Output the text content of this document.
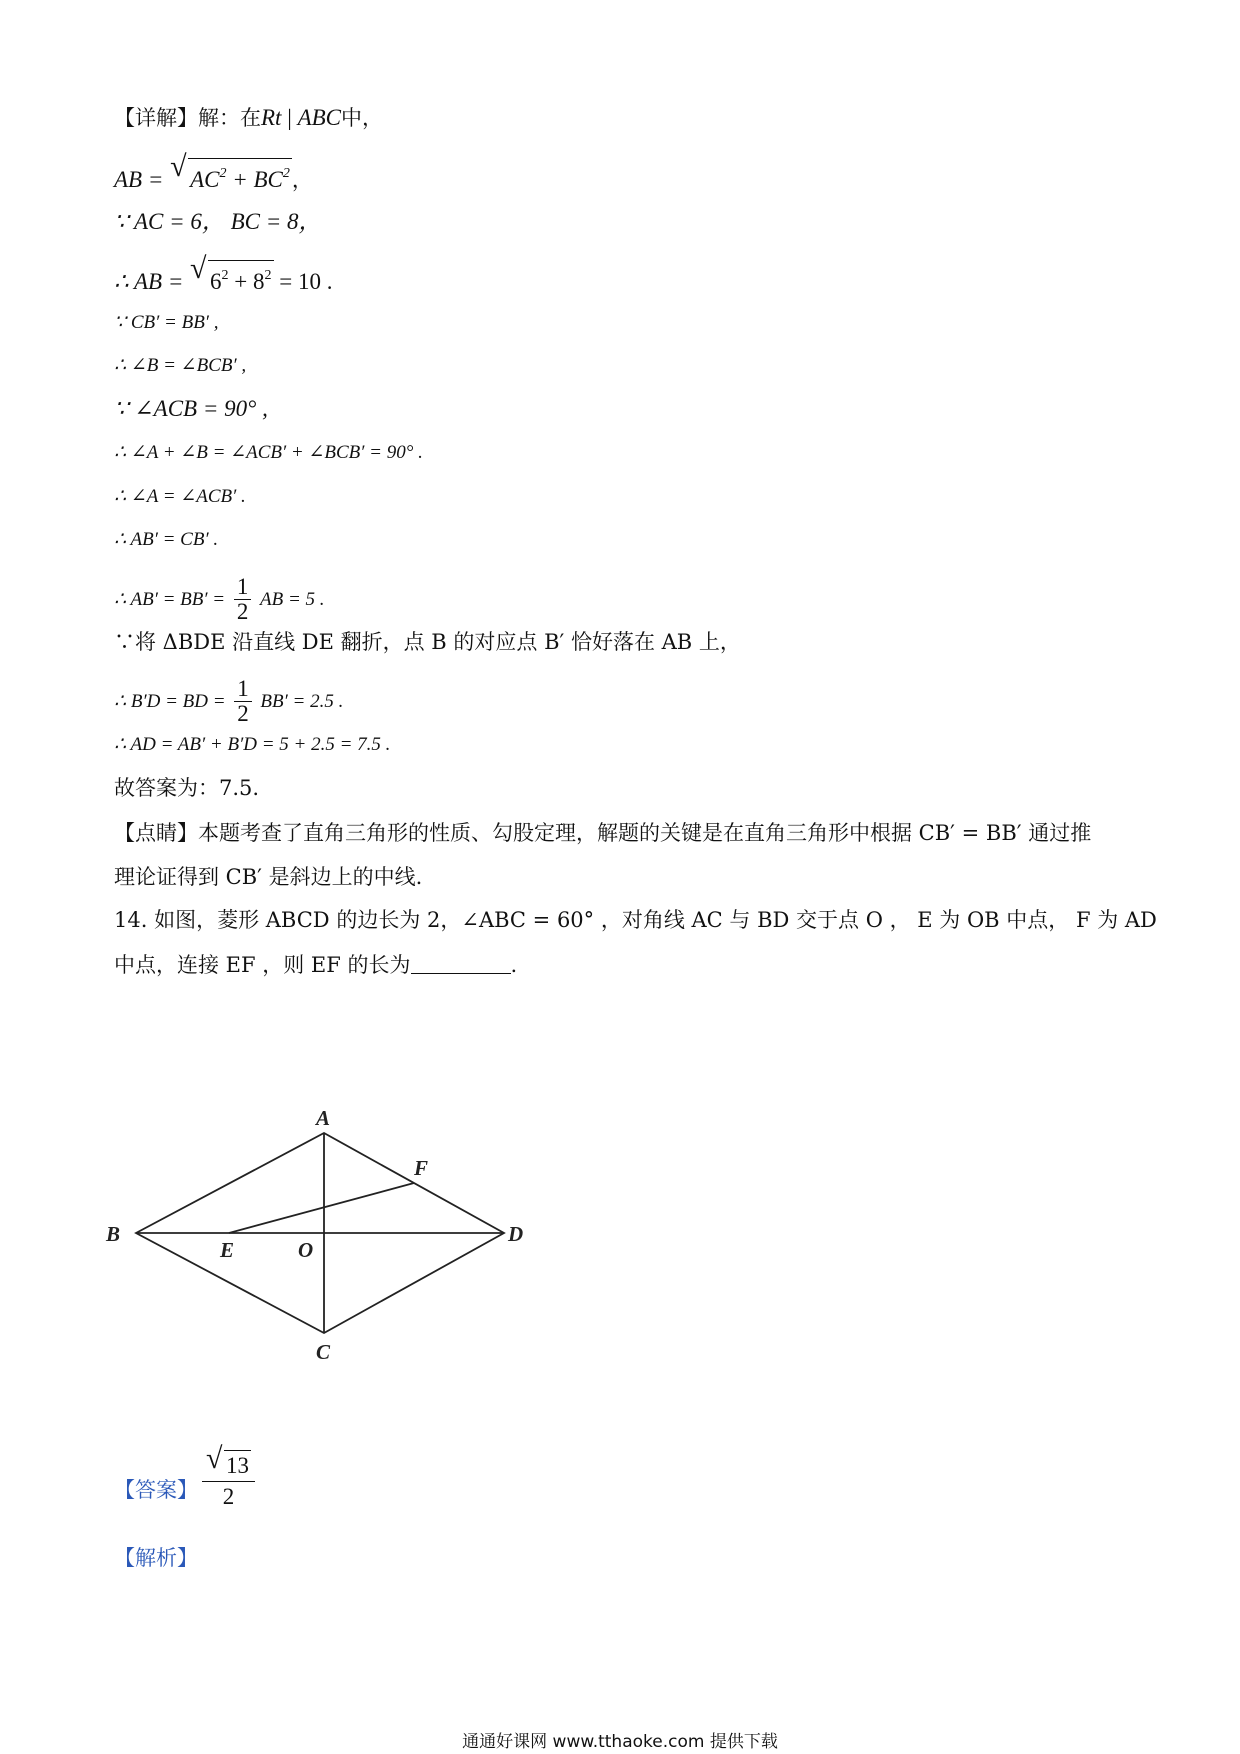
【详解】解：在Rt | ABC中，
AB = √ $AC^2 + BC^2$，
∵ AC = 6， BC = 8，
∴ AB = √ $6^2 + 8^2 = 10$ .
∵ CB′ = BB′ ,
∴ ∠B = ∠BCB′ ,
∵ ∠ACB = 90° ,
∴ ∠A + ∠B = ∠ACB′ + ∠BCB′ = 90° .
∴ ∠A = ∠ACB′ .
∴ AB′ = CB′ .
∴ $AB' = BB' = \frac{1}{2}$ AB = 5 .
∵将 ΔBDE 沿直线 DE 翻折，点 B 的对应点 B′ 恰好落在 AB 上，
∴ B′D = BD = $\frac{1}{2} BB' = 2.5$ .
∴ AD = AB′ + B′D = 5 + 2.5 = 7.5 .
故答案为：7.5.
【点睛】本题考查了直角三角形的性质、勾股定理，解题的关键是在直角三角形中根据 CB′ = BB′ 通过推
理论证得到 CB′ 是斜边上的中线.
14. 如图，菱形 ABCD 的边长为 2，∠ABC = 60° ，对角线 AC 与 BD 交于点 O ， E 为 OB 中点， F 为 AD
中点，连接 EF ，则 EF 的长为	.
A
B
C
D
E
F
O
【答案】 $\frac{√ 13}{2}$
【解析】
通通好课网 www.tthaoke.com 提供下载
